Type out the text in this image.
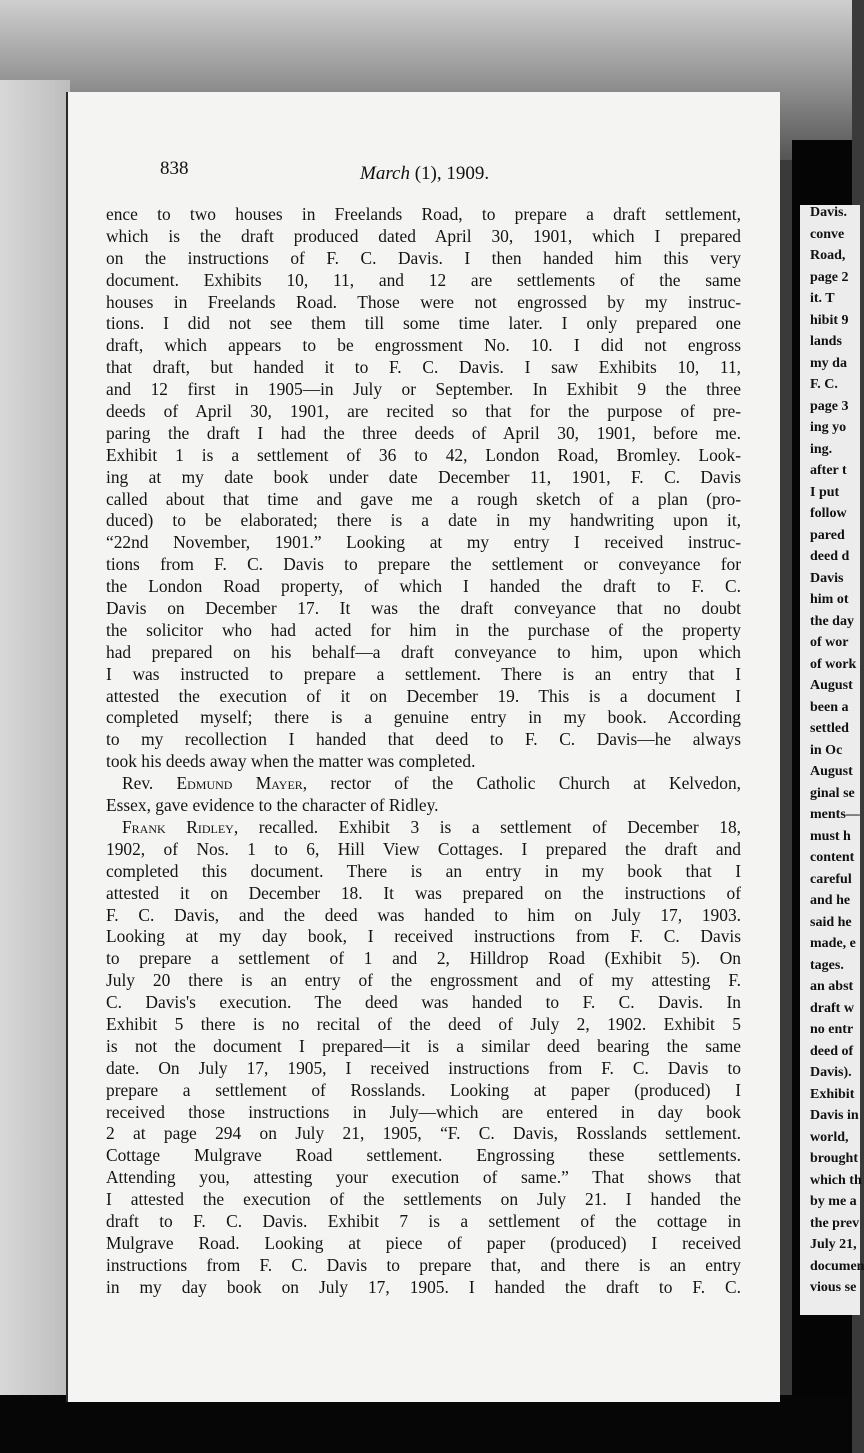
Davis.
conve
Road,
page 2
it. T
hibit 9
lands
my da
F. C.
page 3
ing yo
ing.
after t
I put
follow
pared
deed d
Davis
him ot
the day
of wor
of work
August
been a
settled
in Oc
August
ginal se
ments—
must h
content
careful
and he
said he
made, e
tages.
an abst
draft w
no entr
deed of
Davis).
Exhibit
Davis in
world,
brought
which th
by me a
the prev
July 21,
documen
vious se
838	March (1), 1909.
ence to two houses in Freelands Road, to prepare a draft settlement,
which is the draft produced dated April 30, 1901, which I prepared
on the instructions of F. C. Davis. I then handed him this very
document. Exhibits 10, 11, and 12 are settlements of the same
houses in Freelands Road. Those were not engrossed by my instruc-
tions. I did not see them till some time later. I only prepared one
draft, which appears to be engrossment No. 10. I did not engross
that draft, but handed it to F. C. Davis. I saw Exhibits 10, 11,
and 12 first in 1905—in July or September. In Exhibit 9 the three
deeds of April 30, 1901, are recited so that for the purpose of pre-
paring the draft I had the three deeds of April 30, 1901, before me.
Exhibit 1 is a settlement of 36 to 42, London Road, Bromley. Look-
ing at my date book under date December 11, 1901, F. C. Davis
called about that time and gave me a rough sketch of a plan (pro-
duced) to be elaborated; there is a date in my handwriting upon it,
“22nd November, 1901.” Looking at my entry I received instruc-
tions from F. C. Davis to prepare the settlement or conveyance for
the London Road property, of which I handed the draft to F. C.
Davis on December 17. It was the draft conveyance that no doubt
the solicitor who had acted for him in the purchase of the property
had prepared on his behalf—a draft conveyance to him, upon which
I was instructed to prepare a settlement. There is an entry that I
attested the execution of it on December 19. This is a document I
completed myself; there is a genuine entry in my book. According
to my recollection I handed that deed to F. C. Davis—he always
took his deeds away when the matter was completed.
Rev. Edmund Mayer, rector of the Catholic Church at Kelvedon,
Essex, gave evidence to the character of Ridley.
Frank Ridley, recalled. Exhibit 3 is a settlement of December 18,
1902, of Nos. 1 to 6, Hill View Cottages. I prepared the draft and
completed this document. There is an entry in my book that I
attested it on December 18. It was prepared on the instructions of
F. C. Davis, and the deed was handed to him on July 17, 1903.
Looking at my day book, I received instructions from F. C. Davis
to prepare a settlement of 1 and 2, Hilldrop Road (Exhibit 5). On
July 20 there is an entry of the engrossment and of my attesting F.
C. Davis's execution. The deed was handed to F. C. Davis. In
Exhibit 5 there is no recital of the deed of July 2, 1902. Exhibit 5
is not the document I prepared—it is a similar deed bearing the same
date. On July 17, 1905, I received instructions from F. C. Davis to
prepare a settlement of Rosslands. Looking at paper (produced) I
received those instructions in July—which are entered in day book
2 at page 294 on July 21, 1905, “F. C. Davis, Rosslands settlement.
Cottage Mulgrave Road settlement. Engrossing these settlements.
Attending you, attesting your execution of same.” That shows that
I attested the execution of the settlements on July 21. I handed the
draft to F. C. Davis. Exhibit 7 is a settlement of the cottage in
Mulgrave Road. Looking at piece of paper (produced) I received
instructions from F. C. Davis to prepare that, and there is an entry
in my day book on July 17, 1905. I handed the draft to F. C.
